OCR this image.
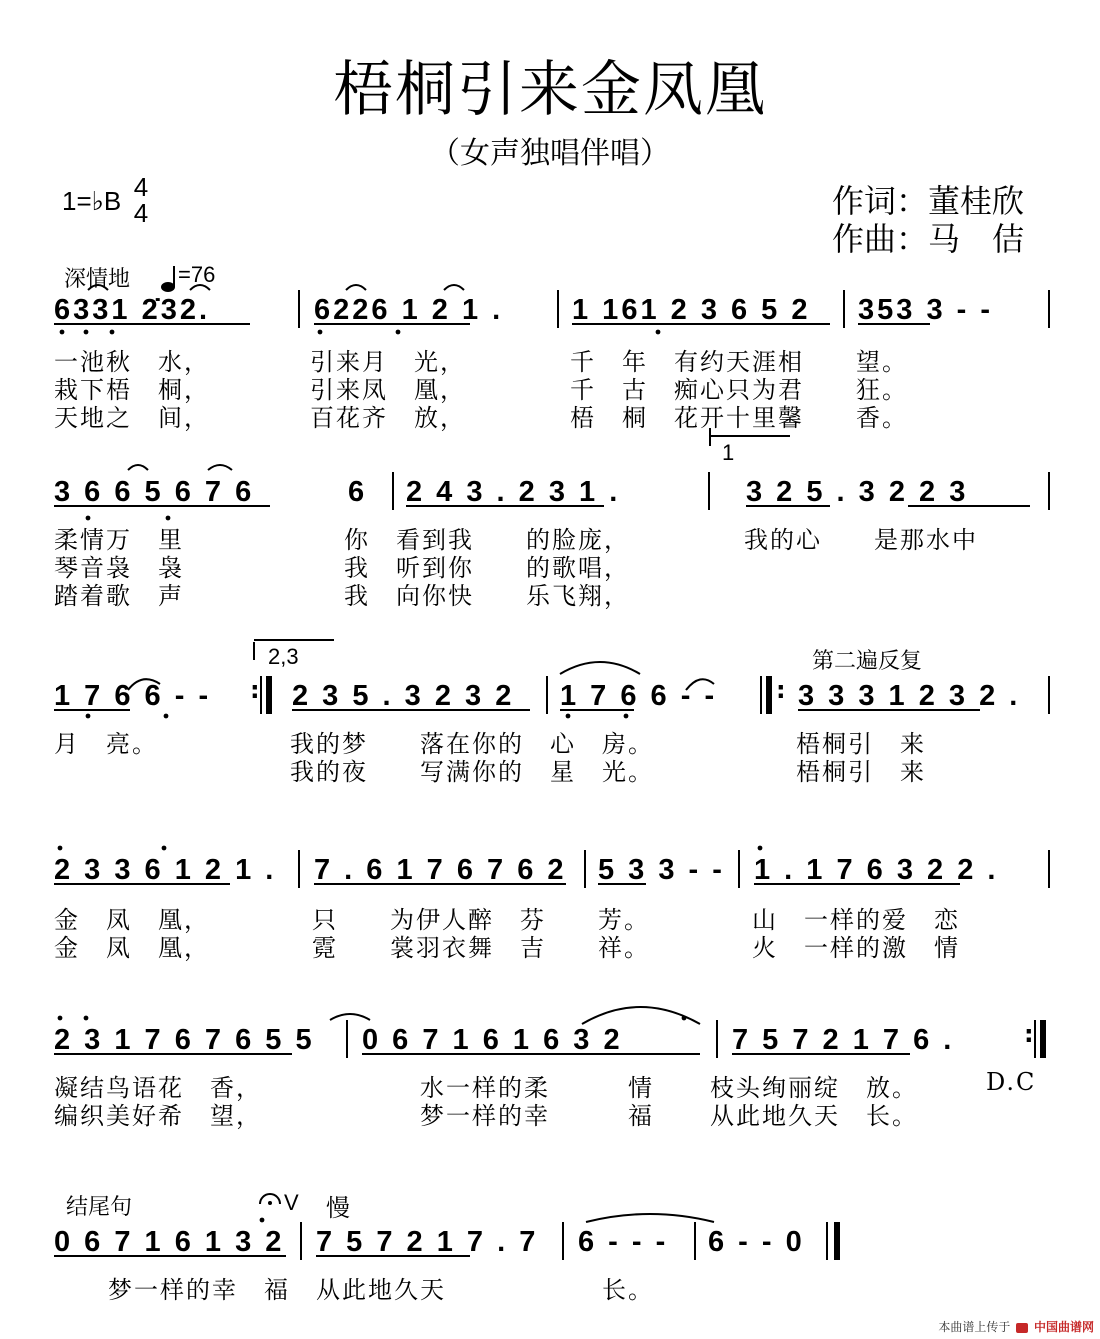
梧桐引来金凤凰
（女声独唱伴唱）
1=♭B 4
4	作词：董桂欣
作曲：马　佶
深情地 =76
6331 2̇32.	6226 1 2 1 . 1 161 2 3 6 5 2 353 3 - -
一池秋　水，	引来月　光，	千　年　有约天涯相　　望。
栽下梧　桐，	引来凤　凰，	千　古　痴心只为君　　狂。
天地之　间，	百花齐　放，	梧　桐　花开十里馨　　香。
3 6 6 5 6 7 6	6 2 4 3 . 2 3 1 .	3 2 5 . 3 2 2 3
1
柔情万　里	你　看到我　　的脸庞，	我的心　　是那水中
琴音袅　袅	我　听到你　　的歌唱，
踏着歌　声	我　向你快　　乐飞翔，
1 7 6 6 - - :
2,3
2 3 5 . 3 2 3 2 1 7 6 6 - - :
第二遍反复
3 3 3 1 2 3 2 .
月　亮。	我的梦　　落在你的　心　房。	梧桐引　来
我的夜　　写满你的　星　光。	梧桐引　来
2 3 3 6 1 2 1 . 7 . 6 1 7 6 7 6 2 5 3 3 - - 1 . 1 7 6 3 2 2 .
金　凤　凰，	只　　为伊人醉　芬　　芳。	山　一样的爱　恋
金　凤　凰，	霓　　裳羽衣舞　吉　　祥。	火　一样的激　情
2 3 1 7 6 7 6 5 5 0 6 7 1 6 1 6 3 2	7 5 7 2 1 7 6 .	:
凝结鸟语花　香，	水一样的柔　　　情 枝头绚丽绽　放。	D.C
编织美好希　望，	梦一样的幸　　　福 从此地久天　长。
结尾句	V 慢
0 6 7 1 6 1 3 2 7 5 7 2 1 7 . 7 6 - - - 6 - - 0
梦一样的幸　福　从此地久天　　　　　　长。
本曲谱上传于 中国曲谱网
